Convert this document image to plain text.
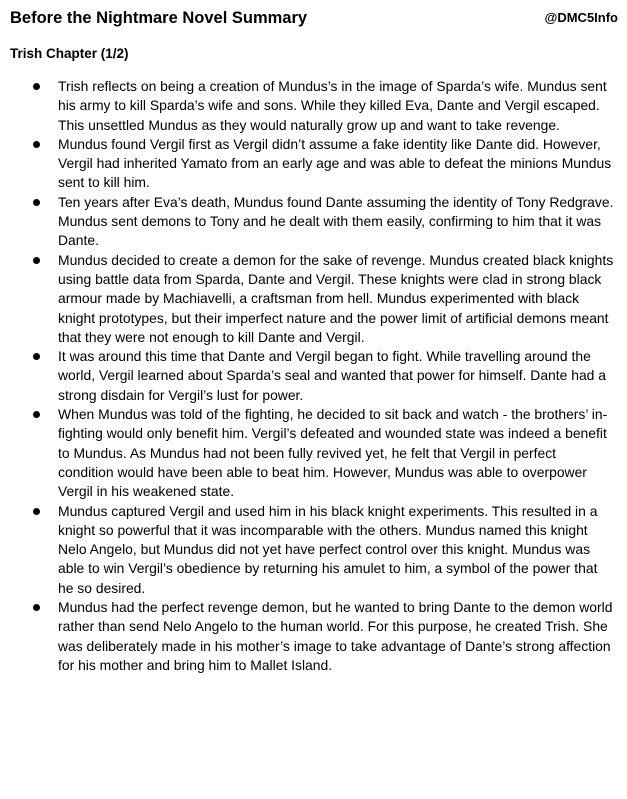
Before the Nightmare Novel Summary	@DMC5Info
Trish Chapter (1/2)
Trish reflects on being a creation of Mundus’s in the image of Sparda’s wife. Mundus sent his army to kill Sparda’s wife and sons. While they killed Eva, Dante and Vergil escaped. This unsettled Mundus as they would naturally grow up and want to take revenge.
Mundus found Vergil first as Vergil didn’t assume a fake identity like Dante did. However, Vergil had inherited Yamato from an early age and was able to defeat the minions Mundus sent to kill him.
Ten years after Eva’s death, Mundus found Dante assuming the identity of Tony Redgrave. Mundus sent demons to Tony and he dealt with them easily, confirming to him that it was Dante.
Mundus decided to create a demon for the sake of revenge. Mundus created black knights using battle data from Sparda, Dante and Vergil. These knights were clad in strong black armour made by Machiavelli, a craftsman from hell. Mundus experimented with black knight prototypes, but their imperfect nature and the power limit of artificial demons meant that they were not enough to kill Dante and Vergil.
It was around this time that Dante and Vergil began to fight. While travelling around the world, Vergil learned about Sparda’s seal and wanted that power for himself. Dante had a strong disdain for Vergil’s lust for power.
When Mundus was told of the fighting, he decided to sit back and watch - the brothers’ in-fighting would only benefit him. Vergil’s defeated and wounded state was indeed a benefit to Mundus. As Mundus had not been fully revived yet, he felt that Vergil in perfect condition would have been able to beat him. However, Mundus was able to overpower Vergil in his weakened state.
Mundus captured Vergil and used him in his black knight experiments. This resulted in a knight so powerful that it was incomparable with the others. Mundus named this knight Nelo Angelo, but Mundus did not yet have perfect control over this knight. Mundus was able to win Vergil’s obedience by returning his amulet to him, a symbol of the power that he so desired.
Mundus had the perfect revenge demon, but he wanted to bring Dante to the demon world rather than send Nelo Angelo to the human world. For this purpose, he created Trish. She was deliberately made in his mother’s image to take advantage of Dante’s strong affection for his mother and bring him to Mallet Island.
